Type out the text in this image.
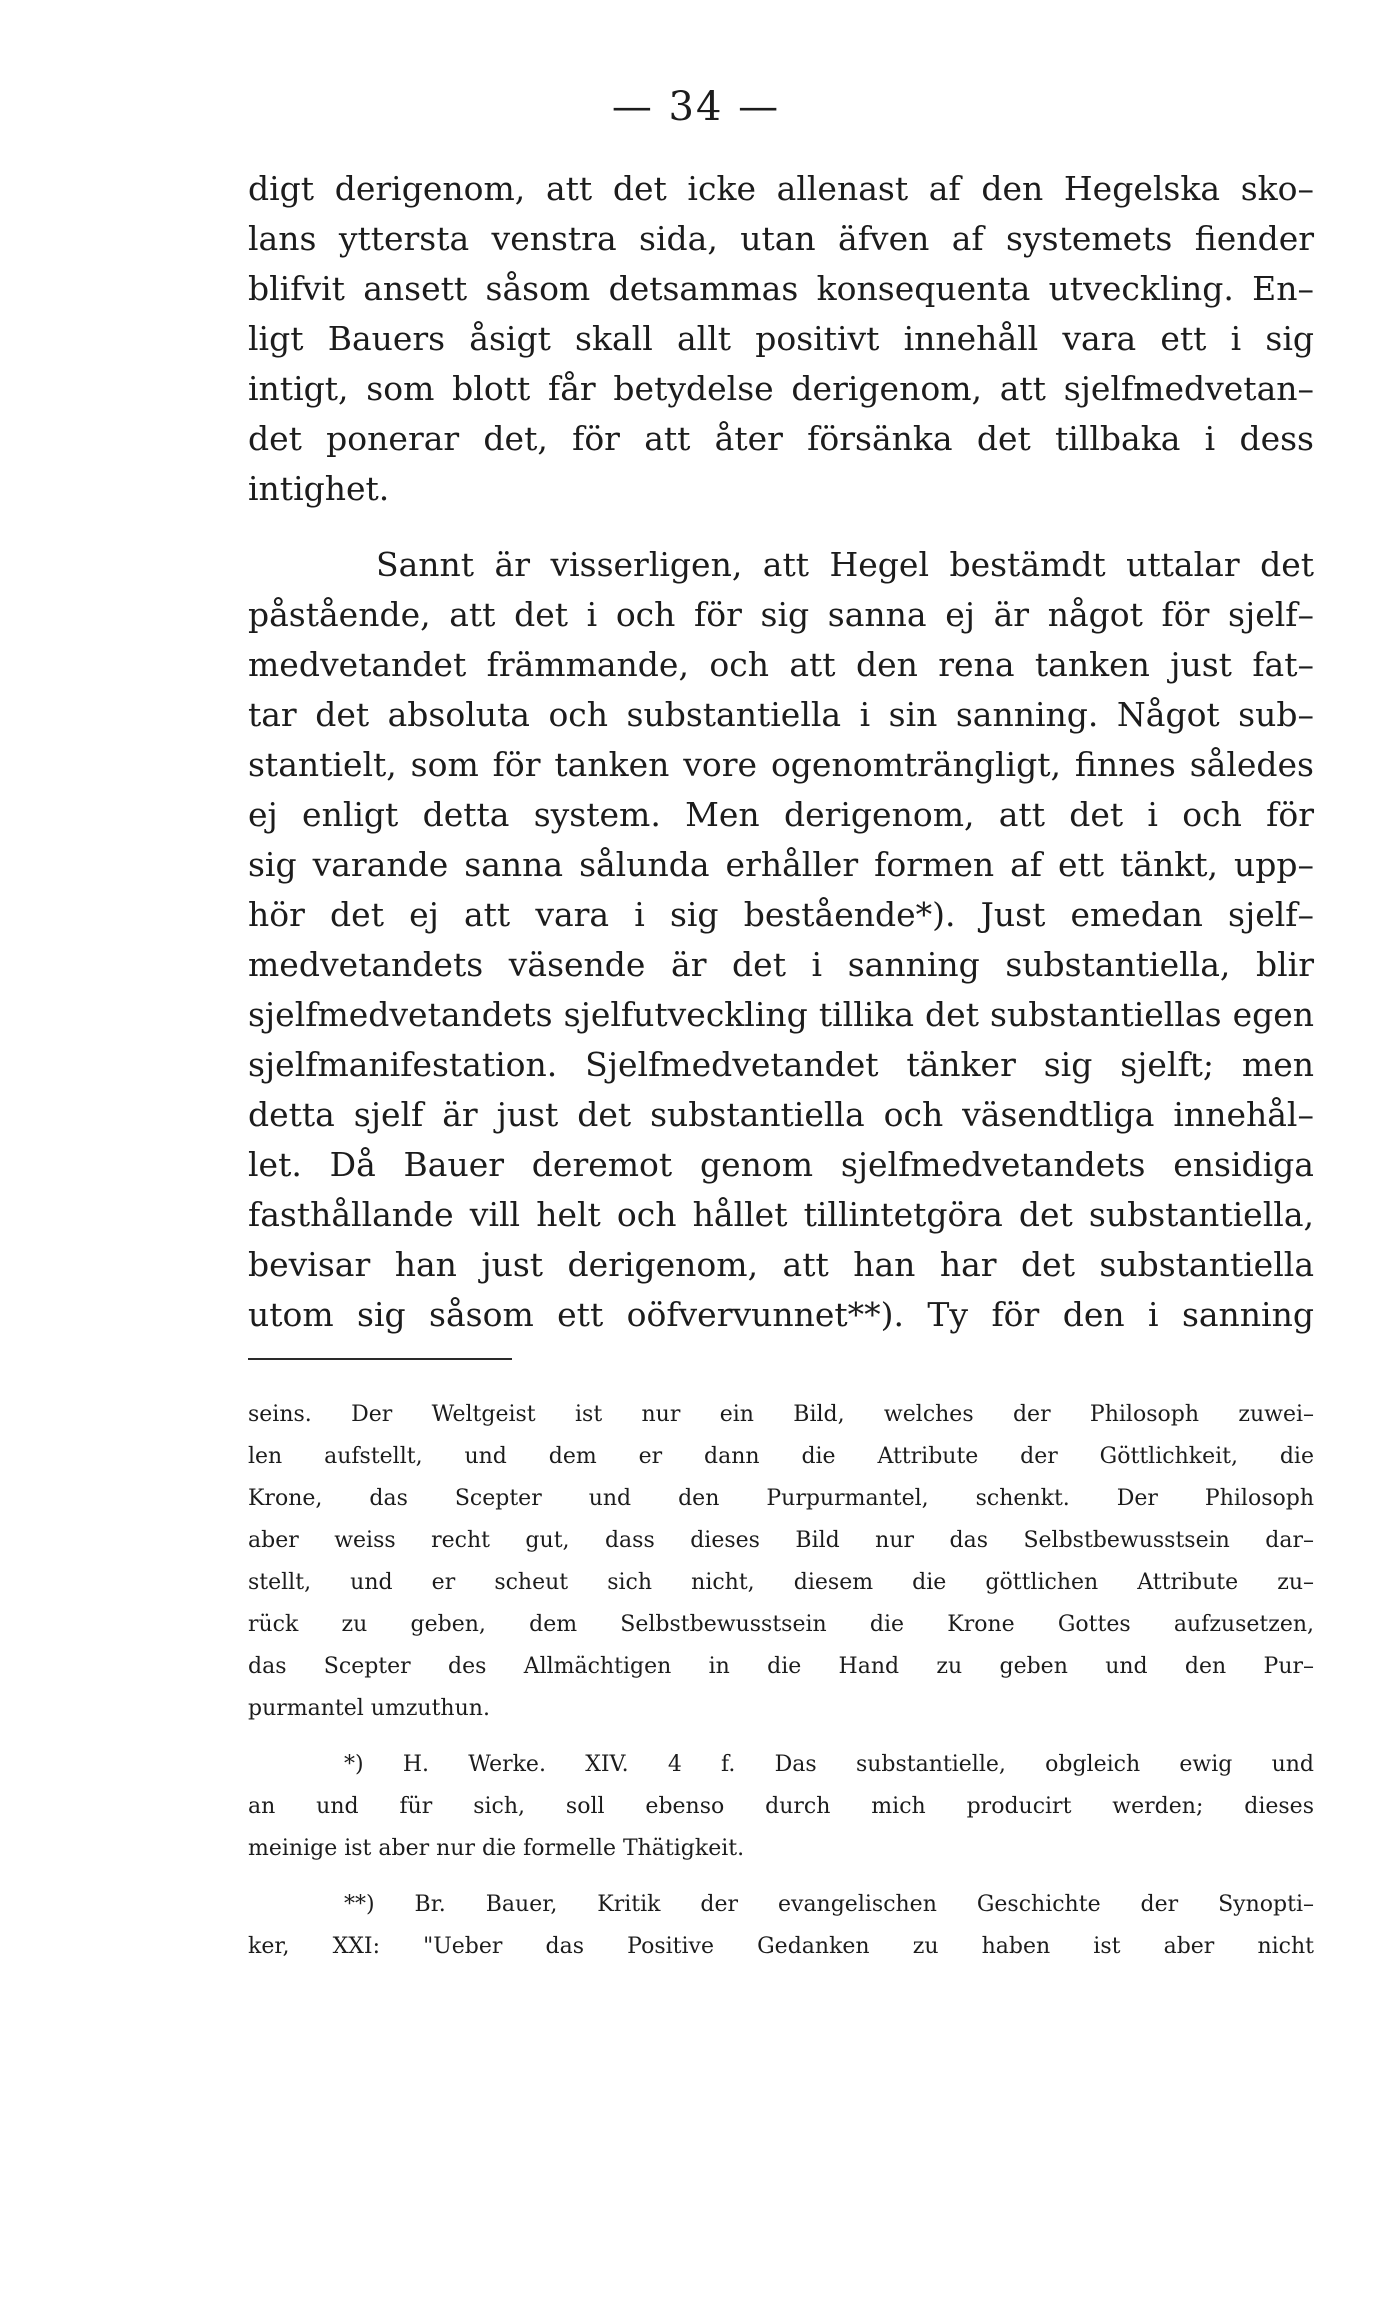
— 34 —
digt derigenom, att det icke allenast af den Hegelska sko–
lans yttersta venstra sida, utan äfven af systemets fiender
blifvit ansett såsom detsammas konsequenta utveckling. En–
ligt Bauers åsigt skall allt positivt innehåll vara ett i sig
intigt, som blott får betydelse derigenom, att sjelfmedvetan–
det ponerar det, för att åter försänka det tillbaka i dess
intighet.
Sannt är visserligen, att Hegel bestämdt uttalar det
påstående, att det i och för sig sanna ej är något för sjelf–
medvetandet främmande, och att den rena tanken just fat–
tar det absoluta och substantiella i sin sanning. Något sub–
stantielt, som för tanken vore ogenomträngligt, finnes således
ej enligt detta system. Men derigenom, att det i och för
sig varande sanna sålunda erhåller formen af ett tänkt, upp–
hör det ej att vara i sig bestående*). Just emedan sjelf–
medvetandets väsende är det i sanning substantiella, blir
sjelfmedvetandets sjelfutveckling tillika det substantiellas egen
sjelfmanifestation. Sjelfmedvetandet tänker sig sjelft; men
detta sjelf är just det substantiella och väsendtliga innehål–
let. Då Bauer deremot genom sjelfmedvetandets ensidiga
fasthållande vill helt och hållet tillintetgöra det substantiella,
bevisar han just derigenom, att han har det substantiella
utom sig såsom ett oöfvervunnet**). Ty för den i sanning
seins. Der Weltgeist ist nur ein Bild, welches der Philosoph zuwei–
len aufstellt, und dem er dann die Attribute der Göttlichkeit, die
Krone, das Scepter und den Purpurmantel, schenkt. Der Philosoph
aber weiss recht gut, dass dieses Bild nur das Selbstbewusstsein dar–
stellt, und er scheut sich nicht, diesem die göttlichen Attribute zu–
rück zu geben, dem Selbstbewusstsein die Krone Gottes aufzusetzen,
das Scepter des Allmächtigen in die Hand zu geben und den Pur–
purmantel umzuthun.
*) H. Werke. XIV. 4 f. Das substantielle, obgleich ewig und
an und für sich, soll ebenso durch mich producirt werden; dieses
meinige ist aber nur die formelle Thätigkeit.
**) Br. Bauer, Kritik der evangelischen Geschichte der Synopti–
ker, XXI: "Ueber das Positive Gedanken zu haben ist aber nicht
